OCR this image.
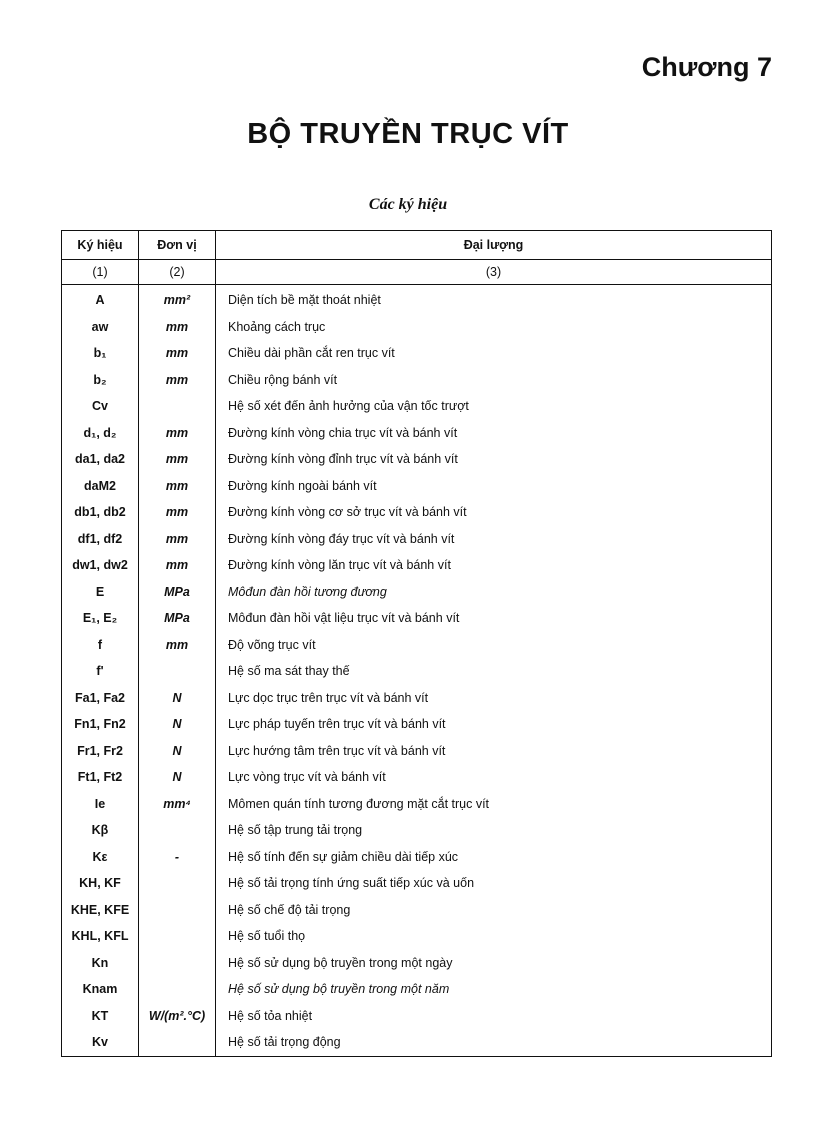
Chương 7
BỘ TRUYỀN TRỤC VÍT
Các ký hiệu
Ký hiệu	Đơn vị	Đại lượng
(1)	(2)	(3)
A	mm²	Diện tích bề mặt thoát nhiệt
aw	mm	Khoảng cách trục
b₁	mm	Chiều dài phần cắt ren trục vít
b₂	mm	Chiều rộng bánh vít
Cv		Hệ số xét đến ảnh hưởng của vận tốc trượt
d₁, d₂	mm	Đường kính vòng chia trục vít và bánh vít
da1, da2	mm	Đường kính vòng đỉnh trục vít và bánh vít
daM2	mm	Đường kính ngoài bánh vít
db1, db2	mm	Đường kính vòng cơ sở trục vít và bánh vít
df1, df2	mm	Đường kính vòng đáy trục vít và bánh vít
dw1, dw2	mm	Đường kính vòng lăn trục vít và bánh vít
E	MPa	Môđun đàn hồi tương đương
E₁, E₂	MPa	Môđun đàn hồi vật liệu trục vít và bánh vít
f	mm	Độ võng trục vít
f'		Hệ số ma sát thay thế
Fa1, Fa2	N	Lực dọc trục trên trục vít và bánh vít
Fn1, Fn2	N	Lực pháp tuyến trên trục vít và bánh vít
Fr1, Fr2	N	Lực hướng tâm trên trục vít và bánh vít
Ft1, Ft2	N	Lực vòng trục vít và bánh vít
Ie	mm⁴	Mômen quán tính tương đương mặt cắt trục vít
Kβ		Hệ số tập trung tải trọng
Kε	-	Hệ số tính đến sự giảm chiều dài tiếp xúc
KH, KF		Hệ số tải trọng tính ứng suất tiếp xúc và uốn
KHE, KFE		Hệ số chế độ tải trọng
KHL, KFL		Hệ số tuổi thọ
Kn		Hệ số sử dụng bộ truyền trong một ngày
Knam		Hệ số sử dụng bộ truyền trong một năm
KT	W/(m².°C)	Hệ số tỏa nhiệt
Kv		Hệ số tải trọng động
